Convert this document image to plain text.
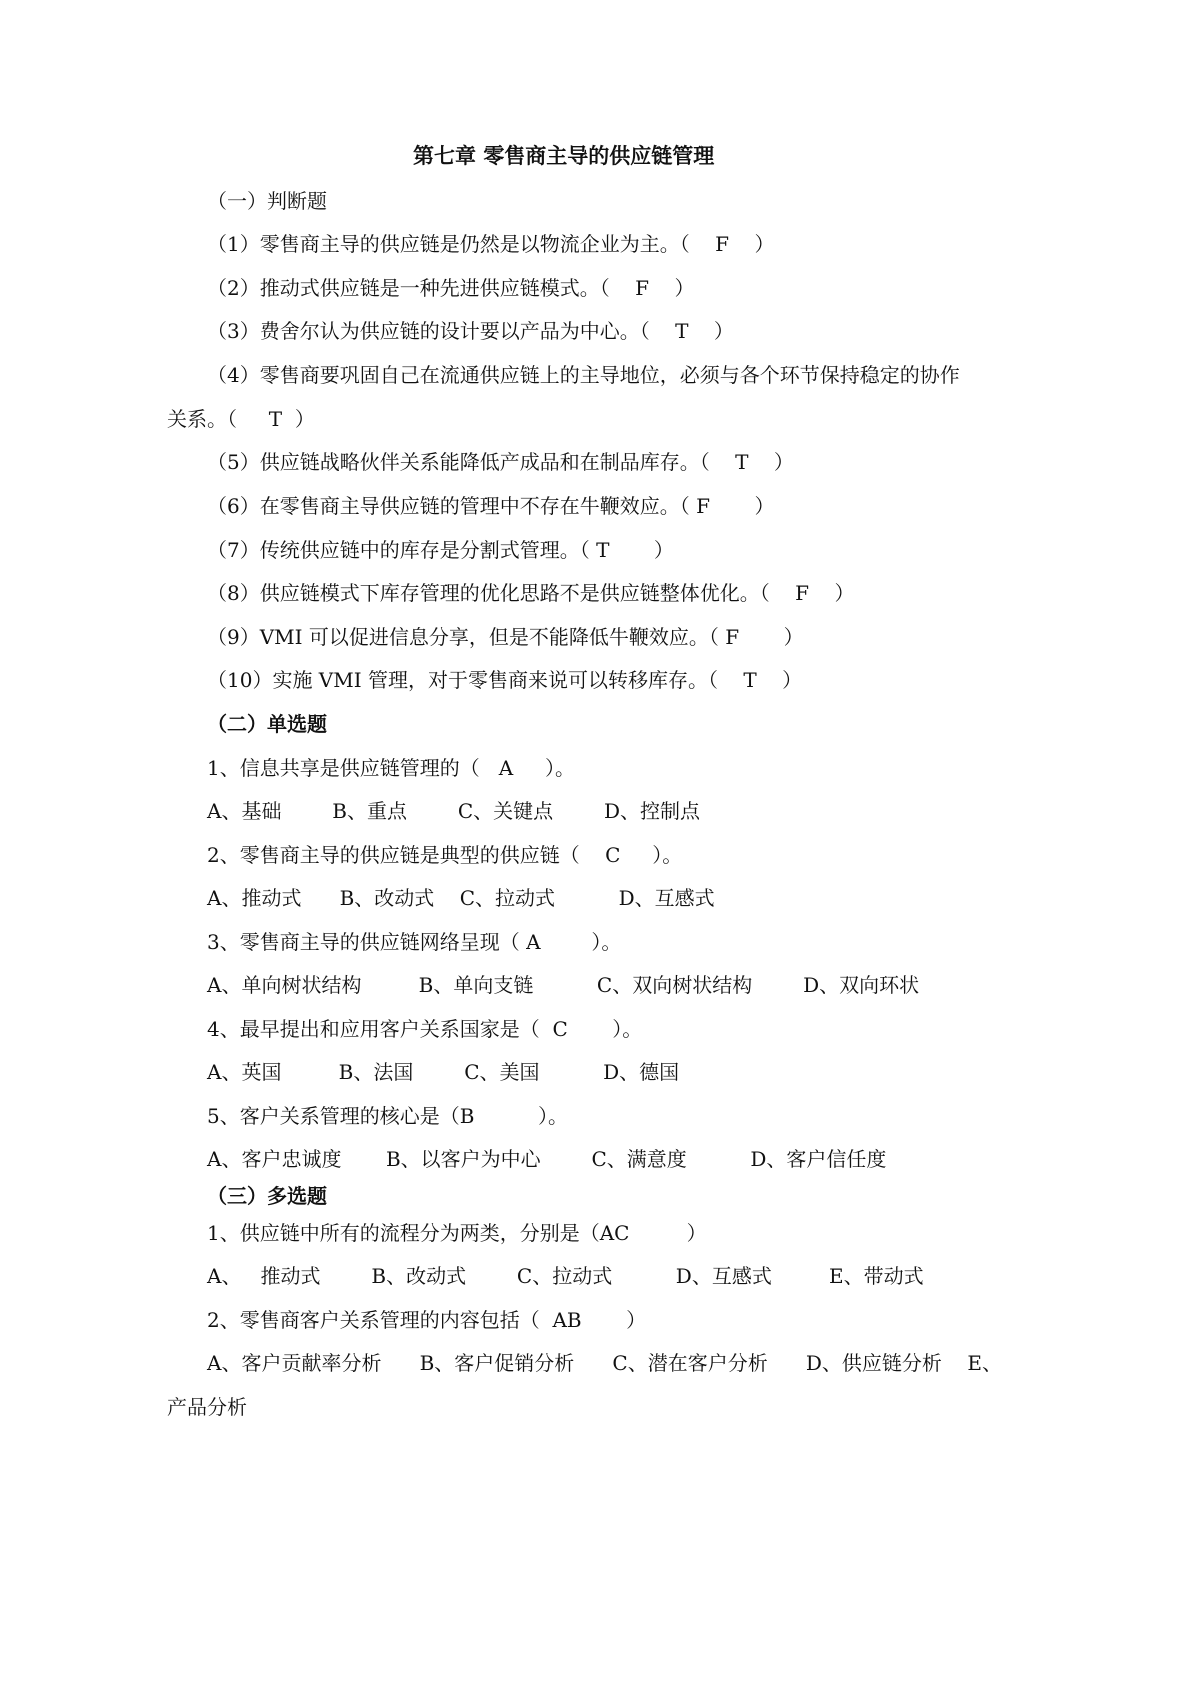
第七章 零售商主导的供应链管理
（一）判断题
（1）零售商主导的供应链是仍然是以物流企业为主。（    F    ）
（2）推动式供应链是一种先进供应链模式。（    F    ）
（3）费舍尔认为供应链的设计要以产品为中心。（    T    ）
（4）零售商要巩固自己在流通供应链上的主导地位，必须与各个环节保持稳定的协作
关系。（     T  ）
（5）供应链战略伙伴关系能降低产成品和在制品库存。（    T    ）
（6）在零售商主导供应链的管理中不存在牛鞭效应。（ F       ）
（7）传统供应链中的库存是分割式管理。（ T       ）
（8）供应链模式下库存管理的优化思路不是供应链整体优化。（    F    ）
（9）VMI 可以促进信息分享，但是不能降低牛鞭效应。（ F       ）
（10）实施 VMI 管理，对于零售商来说可以转移库存。（    T    ）
（二）单选题
1、信息共享是供应链管理的（   A     ）。
A、基础        B、重点        C、关键点        D、控制点
2、零售商主导的供应链是典型的供应链（    C     ）。
A、推动式      B、改动式    C、拉动式          D、互感式
3、零售商主导的供应链网络呈现（ A        ）。
A、单向树状结构         B、单向支链          C、双向树状结构        D、双向环状
4、最早提出和应用客户关系国家是（  C       ）。
A、英国         B、法国        C、美国          D、德国
5、客户关系管理的核心是（B          ）。
A、客户忠诚度       B、以客户为中心        C、满意度          D、客户信任度
（三）多选题
1、供应链中所有的流程分为两类，分别是（AC         ）
A、   推动式        B、改动式        C、拉动式          D、互感式         E、带动式
2、零售商客户关系管理的内容包括（  AB       ）
A、客户贡献率分析      B、客户促销分析      C、潜在客户分析      D、供应链分析    E、
产品分析
